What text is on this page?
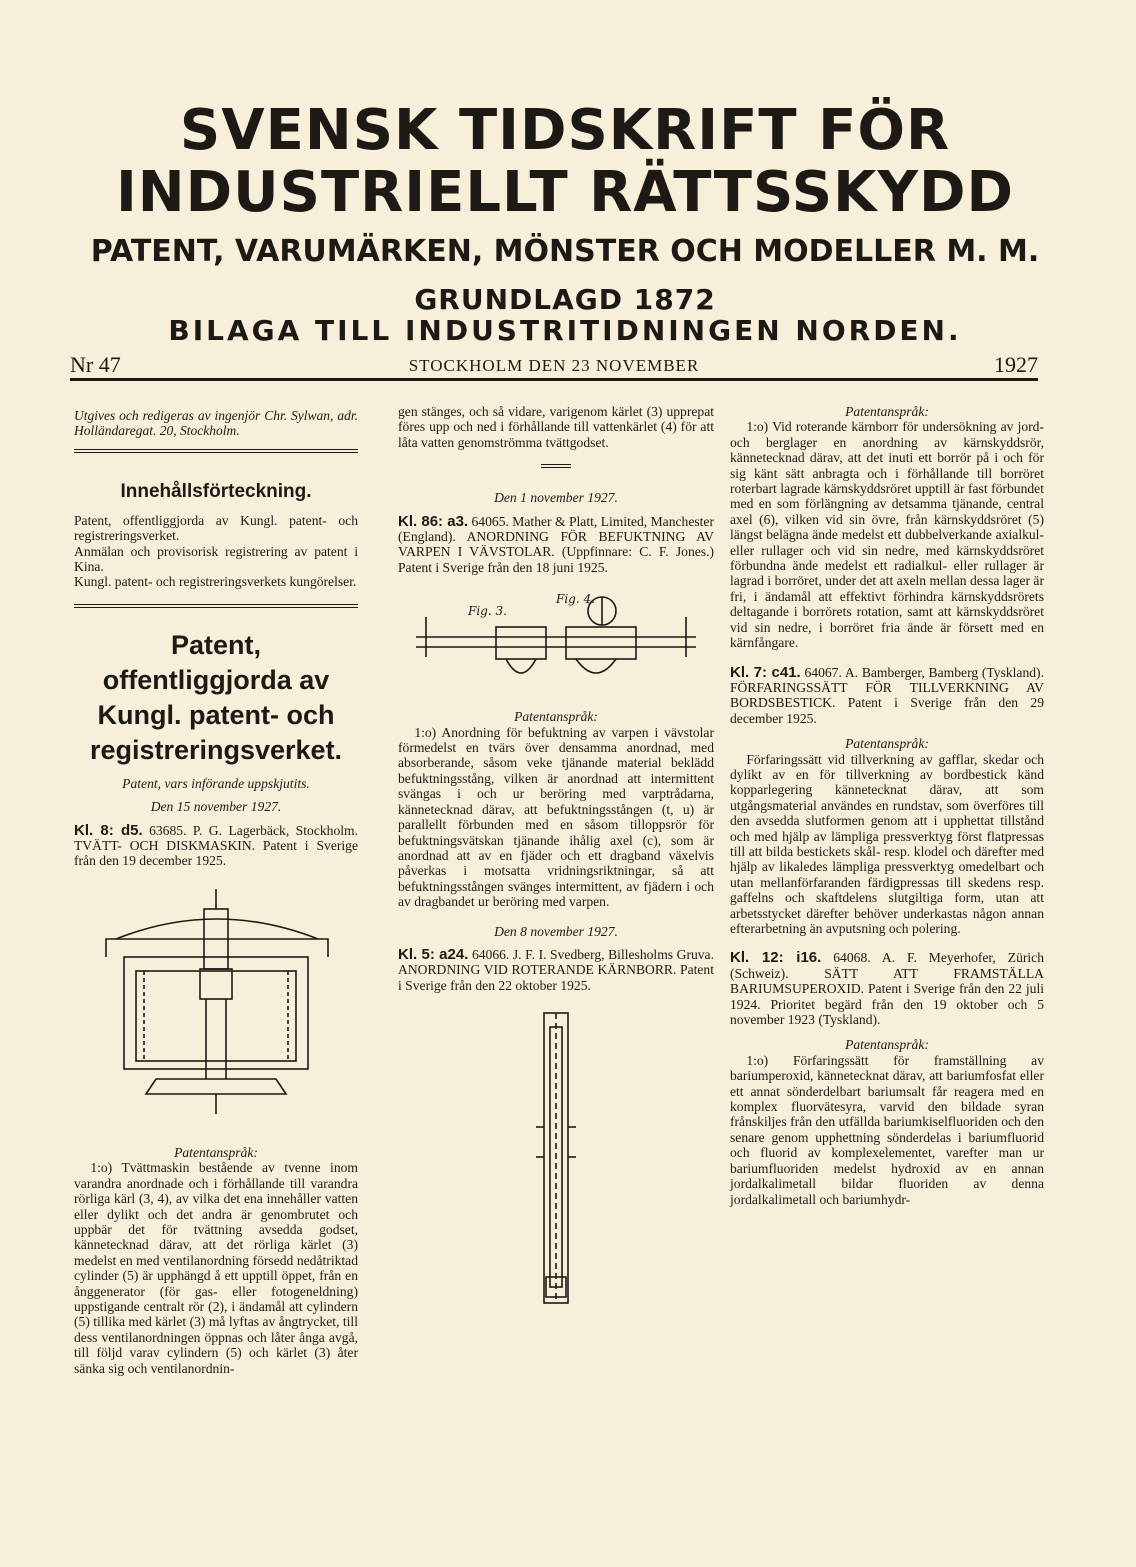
SVENSK TIDSKRIFT FÖR
INDUSTRIELLT RÄTTSSKYDD
PATENT, VARUMÄRKEN, MÖNSTER OCH MODELLER M. M.
GRUNDLAGD 1872
BILAGA TILL INDUSTRITIDNINGEN NORDEN.
Nr 47	STOCKHOLM DEN 23 NOVEMBER	1927

Utgives och redigeras av ingenjör Chr. Sylwan, adr. Holländaregat. 20, Stockholm.

Innehållsförteckning.

Patent, offentliggjorda av Kungl. patent- och registreringsverket.

Anmälan och provisorisk registrering av patent i Kina.

Kungl. patent- och registreringsverkets kungörelser.

Patent, offentliggjorda av Kungl. patent- och registreringsverket.

Patent, vars införande uppskjutits.

Den 15 november 1927.

Kl. 8: d5. 63685. P. G. Lagerbäck, Stockholm. TVÄTT- OCH DISKMASKIN. Patent i Sverige från den 19 december 1925.

Patentanspråk:

1:o) Tvättmaskin bestående av tvenne inom varandra anordnade och i förhållande till varandra rörliga kärl (3, 4), av vilka det ena innehåller vatten eller dylikt och det andra är genombrutet och uppbär det för tvättning avsedda godset, kännetecknad därav, att det rörliga kärlet (3) medelst en med ventilanordning försedd nedåtriktad cylinder (5) är upphängd å ett upptill öppet, från en ånggenerator (för gas- eller fotogeneldning) uppstigande centralt rör (2), i ändamål att cylindern (5) tillika med kärlet (3) må lyftas av ångtrycket, till dess ventilanordningen öppnas och låter ånga avgå, till följd varav cylindern (5) och kärlet (3) åter sänka sig och ventilanordnin-

gen stänges, och så vidare, varigenom kärlet (3) upprepat föres upp och ned i förhållande till vattenkärlet (4) för att låta vatten genomströmma tvättgodset.

Den 1 november 1927.

Kl. 86: a3. 64065. Mather & Platt, Limited, Manchester (England). ANORDNING FÖR BEFUKTNING AV VARPEN I VÄVSTOLAR. (Uppfinnare: C. F. Jones.) Patent i Sverige från den 18 juni 1925.

Fig. 3.
Fig. 4.

Patentanspråk:

1:o) Anordning för befuktning av varpen i vävstolar förmedelst en tvärs över densamma anordnad, med absorberande, såsom veke tjänande material beklädd befuktningsstång, vilken är anordnad att intermittent svängas i och ur beröring med varptrådarna, kännetecknad därav, att befuktningsstången (t, u) är parallellt förbunden med en såsom tilloppsrör för befuktningsvätskan tjänande ihålig axel (c), som är anordnad att av en fjäder och ett dragband växelvis påverkas i motsatta vridningsriktningar, så att befuktningsstången svänges intermittent, av fjädern i och av dragbandet ur beröring med varpen.

Den 8 november 1927.

Kl. 5: a24. 64066. J. F. I. Svedberg, Billesholms Gruva. ANORDNING VID ROTERANDE KÄRNBORR. Patent i Sverige från den 22 oktober 1925.

Patentanspråk:

1:o) Vid roterande kärnborr för undersökning av jord- och berglager en anordning av kärnskyddsrör, kännetecknad därav, att det inuti ett borrör på i och för sig känt sätt anbragta och i förhållande till borröret roterbart lagrade kärnskyddsröret upptill är fast förbundet med en som förlängning av detsamma tjänande, central axel (6), vilken vid sin övre, från kärnskyddsröret (5) längst belägna ände medelst ett dubbelverkande axialkul- eller rullager och vid sin nedre, med kärnskyddsröret förbundna ände medelst ett radialkul- eller rullager är lagrad i borröret, under det att axeln mellan dessa lager är fri, i ändamål att effektivt förhindra kärnskyddsrörets deltagande i borrörets rotation, samt att kärnskyddsröret vid sin nedre, i borröret fria ände är försett med en kärnfångare.

Kl. 7: c41. 64067. A. Bamberger, Bamberg (Tyskland). FÖRFARINGSSÄTT FÖR TILLVERKNING AV BORDSBESTICK. Patent i Sverige från den 29 december 1925.

Patentanspråk:

Förfaringssätt vid tillverkning av gafflar, skedar och dylikt av en för tillverkning av bordbestick känd kopparlegering kännetecknat därav, att som utgångsmaterial användes en rundstav, som överföres till den avsedda slutformen genom att i upphettat tillstånd och med hjälp av lämpliga pressverktyg först flatpressas till att bilda bestickets skål- resp. klodel och därefter med hjälp av likaledes lämpliga pressverktyg omedelbart och utan mellanförfaranden färdigpressas till skedens resp. gaffelns och skaftdelens slutgiltiga form, utan att arbetsstycket därefter behöver underkastas någon annan efterarbetning än avputsning och polering.

Kl. 12: i16. 64068. A. F. Meyerhofer, Zürich (Schweiz). SÄTT ATT FRAMSTÄLLA BARIUMSUPEROXID. Patent i Sverige från den 22 juli 1924. Prioritet begärd från den 19 oktober och 5 november 1923 (Tyskland).

Patentanspråk:

1:o) Förfaringssätt för framställning av bariumperoxid, kännetecknat därav, att bariumfosfat eller ett annat sönderdelbart bariumsalt får reagera med en komplex fluorvätesyra, varvid den bildade syran frånskiljes från den utfällda bariumkiselfluoriden och den senare genom upphettning sönderdelas i bariumfluorid och fluorid av komplexelementet, varefter man ur bariumfluoriden medelst hydroxid av en annan jordalkalimetall bildar fluoriden av denna jordalkalimetall och bariumhydr-
